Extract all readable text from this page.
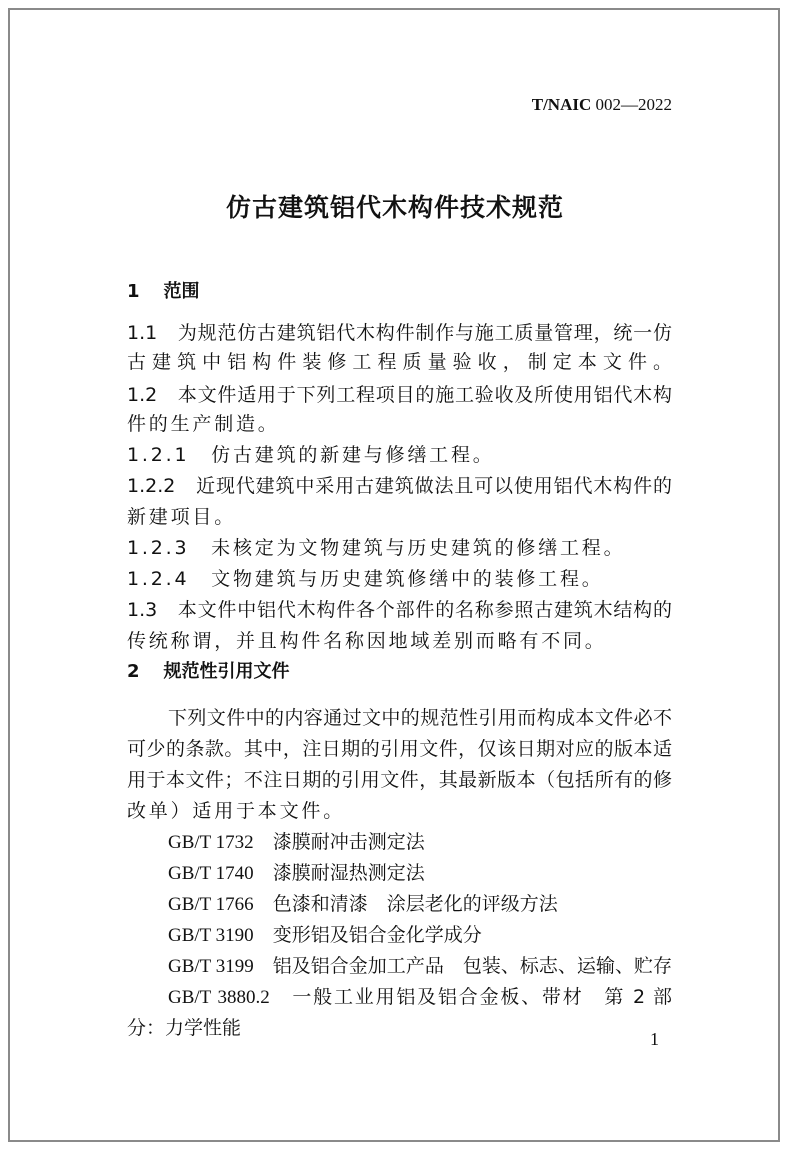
T/NAIC 002—2022
仿古建筑铝代木构件技术规范
1 范围
1.1　 为规范仿古建筑铝代木构件制作与施工质量管理，统一仿
古建筑中铝构件装修工程质量验收，制定本文件。
1.2　 本文件适用于下列工程项目的施工验收及所使用铝代木构
件的生产制造。
1.2.1　 仿古建筑的新建与修缮工程。
1.2.2　 近现代建筑中采用古建筑做法且可以使用铝代木构件的
新建项目。
1.2.3　 未核定为文物建筑与历史建筑的修缮工程。
1.2.4　 文物建筑与历史建筑修缮中的装修工程。
1.3　 本文件中铝代木构件各个部件的名称参照古建筑木结构的
传统称谓，并且构件名称因地域差别而略有不同。
2 规范性引用文件
下列文件中的内容通过文中的规范性引用而构成本文件必不
可少的条款。其中，注日期的引用文件，仅该日期对应的版本适
用于本文件；不注日期的引用文件，其最新版本（包括所有的修
改单）适用于本文件。
GB/T 1732　 漆膜耐冲击测定法
GB/T 1740　 漆膜耐湿热测定法
GB/T 1766　 色漆和清漆　涂层老化的评级方法
GB/T 3190　 变形铝及铝合金化学成分
GB/T 3199　 铝及铝合金加工产品　包装、标志、运输、贮存
GB/T 3880.2　 一般工业用铝及铝合金板、带材　第 2 部
分：力学性能	1
